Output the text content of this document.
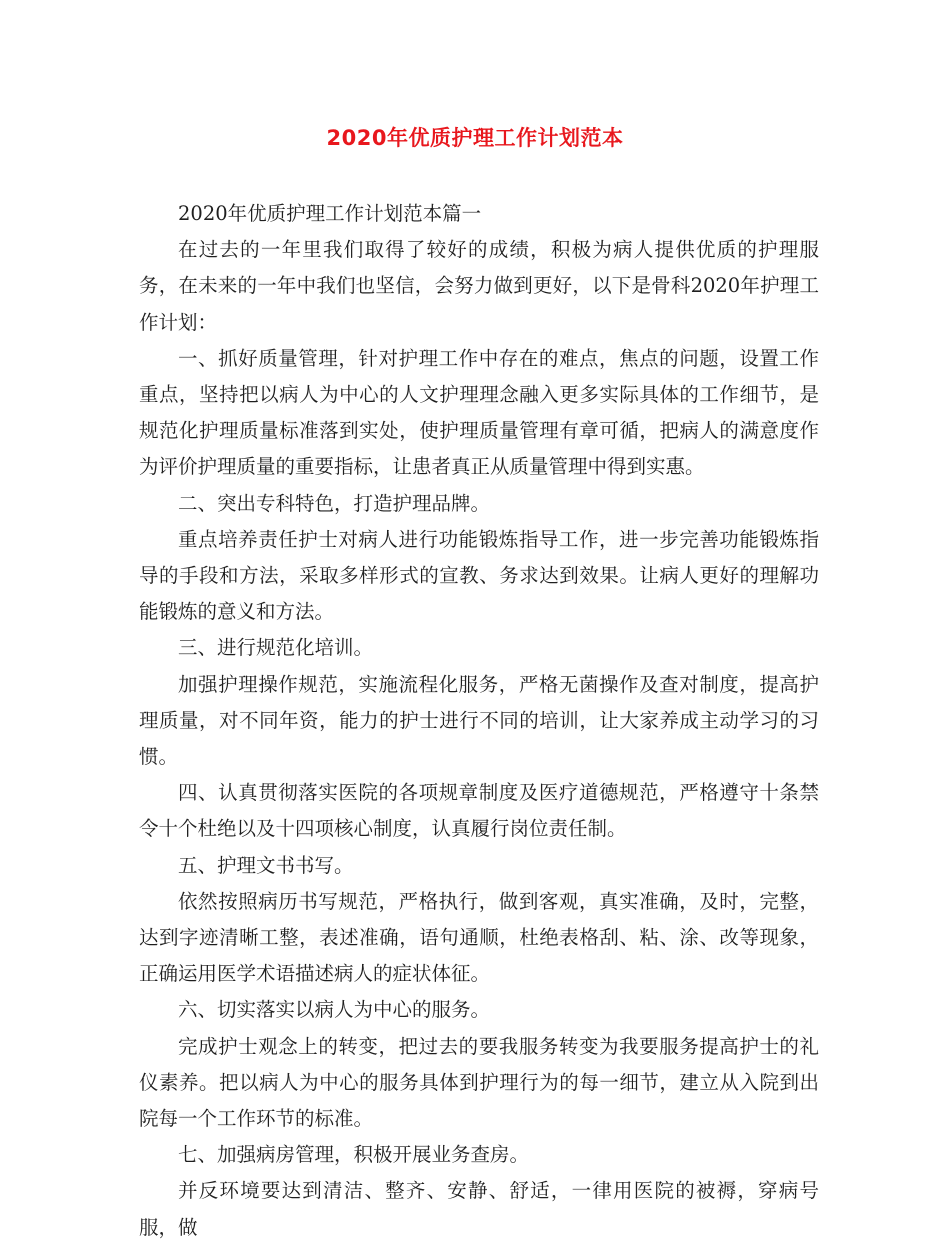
2020年优质护理工作计划范本

2020年优质护理工作计划范本篇一

在过去的一年里我们取得了较好的成绩，积极为病人提供优质的护理服务，在未来的一年中我们也坚信，会努力做到更好，以下是骨科2020年护理工作计划：

一、抓好质量管理，针对护理工作中存在的难点，焦点的问题，设置工作重点，坚持把以病人为中心的人文护理理念融入更多实际具体的工作细节，是规范化护理质量标准落到实处，使护理质量管理有章可循，把病人的满意度作为评价护理质量的重要指标，让患者真正从质量管理中得到实惠。

二、突出专科特色，打造护理品牌。

重点培养责任护士对病人进行功能锻炼指导工作，进一步完善功能锻炼指导的手段和方法，采取多样形式的宣教、务求达到效果。让病人更好的理解功能锻炼的意义和方法。

三、进行规范化培训。

加强护理操作规范，实施流程化服务，严格无菌操作及查对制度，提高护理质量，对不同年资，能力的护士进行不同的培训，让大家养成主动学习的习惯。

四、认真贯彻落实医院的各项规章制度及医疗道德规范，严格遵守十条禁令十个杜绝以及十四项核心制度，认真履行岗位责任制。

五、护理文书书写。

依然按照病历书写规范，严格执行，做到客观，真实准确，及时，完整，达到字迹清晰工整，表述准确，语句通顺，杜绝表格刮、粘、涂、改等现象，正确运用医学术语描述病人的症状体征。

六、切实落实以病人为中心的服务。

完成护士观念上的转变，把过去的要我服务转变为我要服务提高护士的礼仪素养。把以病人为中心的服务具体到护理行为的每一细节，建立从入院到出院每一个工作环节的标准。

七、加强病房管理，积极开展业务查房。

并反环境要达到清洁、整齐、安静、舒适，一律用医院的被褥，穿病号服，做
